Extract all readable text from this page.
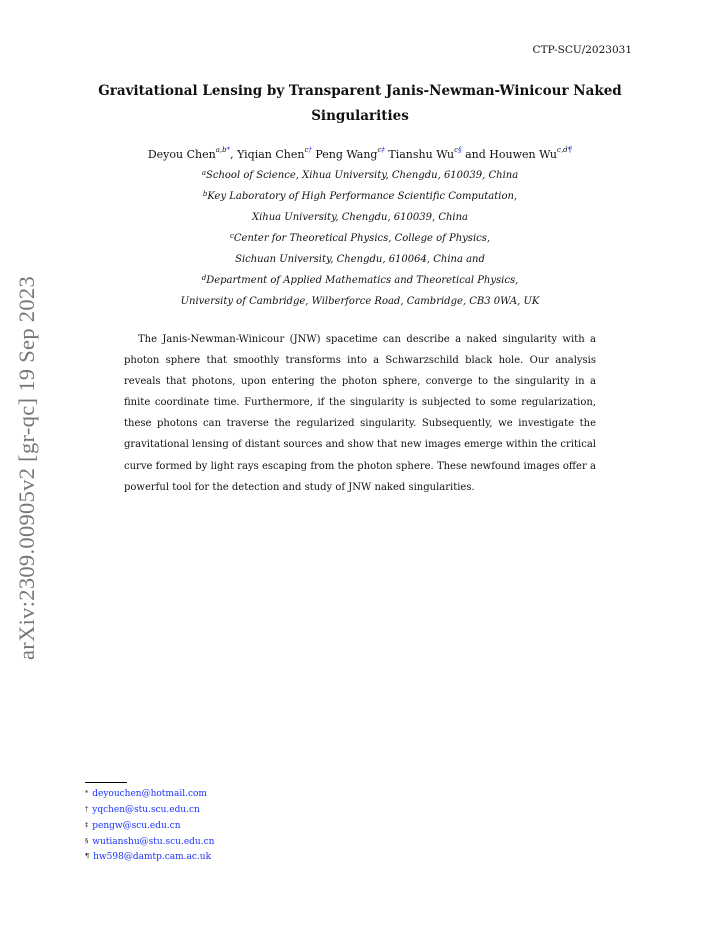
CTP-SCU/2023031
Gravitational Lensing by Transparent Janis-Newman-Winicour Naked
Singularities
Deyou Chen$^{a,b*}$, Yiqian Chen$^{c\dagger}$ Peng Wang$^{c\ddagger}$ Tianshu $Wu^{c\S}$ and Houwen $Wu^{c,d\P}$
$^a$School of Science, Xihua University, Chengdu, 610039, China
$^b$Key Laboratory of High Performance Scientific Computation,
Xihua University, Chengdu, 610039, China
$^c$Center for Theoretical Physics, College of Physics,
Sichuan University, Chengdu, 610064, China and
$^d$Department of Applied Mathematics and Theoretical Physics,
University of Cambridge, Wilberforce Road, Cambridge, CB3 0WA, UK

The Janis-Newman-Winicour (JNW) spacetime can describe a naked singularity with a photon sphere that smoothly transforms into a Schwarzschild black hole. Our analysis reveals that photons, upon entering the photon sphere, converge to the singularity in a finite coordinate time. Furthermore, if the singularity is subjected to some regularization, these photons can traverse the regularized singularity. Subsequently, we investigate the gravitational lensing of distant sources and show that new images emerge within the critical curve formed by light rays escaping from the photon sphere. These newfound images offer a powerful tool for the detection and study of JNW naked singularities.

arXiv:2309.00905v2 [gr-qc] 19 Sep 2023
* deyouchen@hotmail.com
† yqchen@stu.scu.edu.cn
‡ pengw@scu.edu.cn
§ wutianshu@stu.scu.edu.cn
¶ hw598@damtp.cam.ac.uk
